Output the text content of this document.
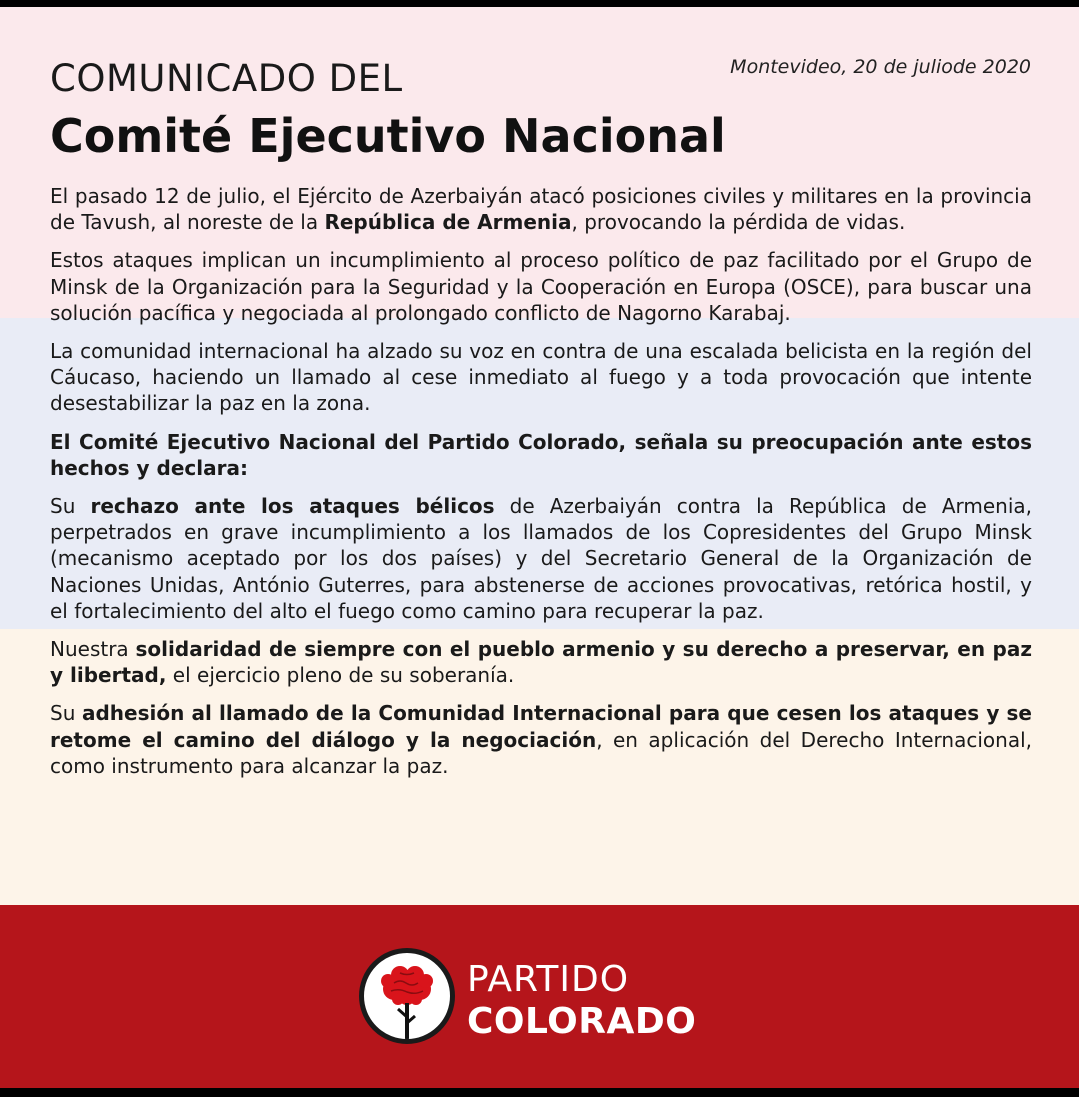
COMUNICADO DEL
Comité Ejecutivo Nacional
Montevideo, 20 de juliode 2020

El pasado 12 de julio, el Ejército de Azerbaiyán atacó posiciones civiles y militares en la provincia de Tavush, al noreste de la República de Armenia, provocando la pérdida de vidas.

Estos ataques implican un incumplimiento al proceso político de paz facilitado por el Grupo de Minsk de la Organización para la Seguridad y la Cooperación en Europa (OSCE), para buscar una solución pacífica y negociada al prolongado conflicto de Nagorno Karabaj.

La comunidad internacional ha alzado su voz en contra de una escalada belicista en la región del Cáucaso, haciendo un llamado al cese inmediato al fuego y a toda provocación que intente desestabilizar la paz en la zona.

El Comité Ejecutivo Nacional del Partido Colorado, señala su preocupación ante estos hechos y declara:

Su rechazo ante los ataques bélicos de Azerbaiyán contra la República de Armenia, perpetrados en grave incumplimiento a los llamados de los Copresidentes del Grupo Minsk (mecanismo aceptado por los dos países) y del Secretario General de la Organización de Naciones Unidas, António Guterres, para abstenerse de acciones provocativas, retórica hostil, y el fortalecimiento del alto el fuego como camino para recuperar la paz.

Nuestra solidaridad de siempre con el pueblo armenio y su derecho a preservar, en paz y libertad, el ejercicio pleno de su soberanía.

Su adhesión al llamado de la Comunidad Internacional para que cesen los ataques y se retome el camino del diálogo y la negociación, en aplicación del Derecho Internacional, como instrumento para alcanzar la paz.

PARTIDO
COLORADO
